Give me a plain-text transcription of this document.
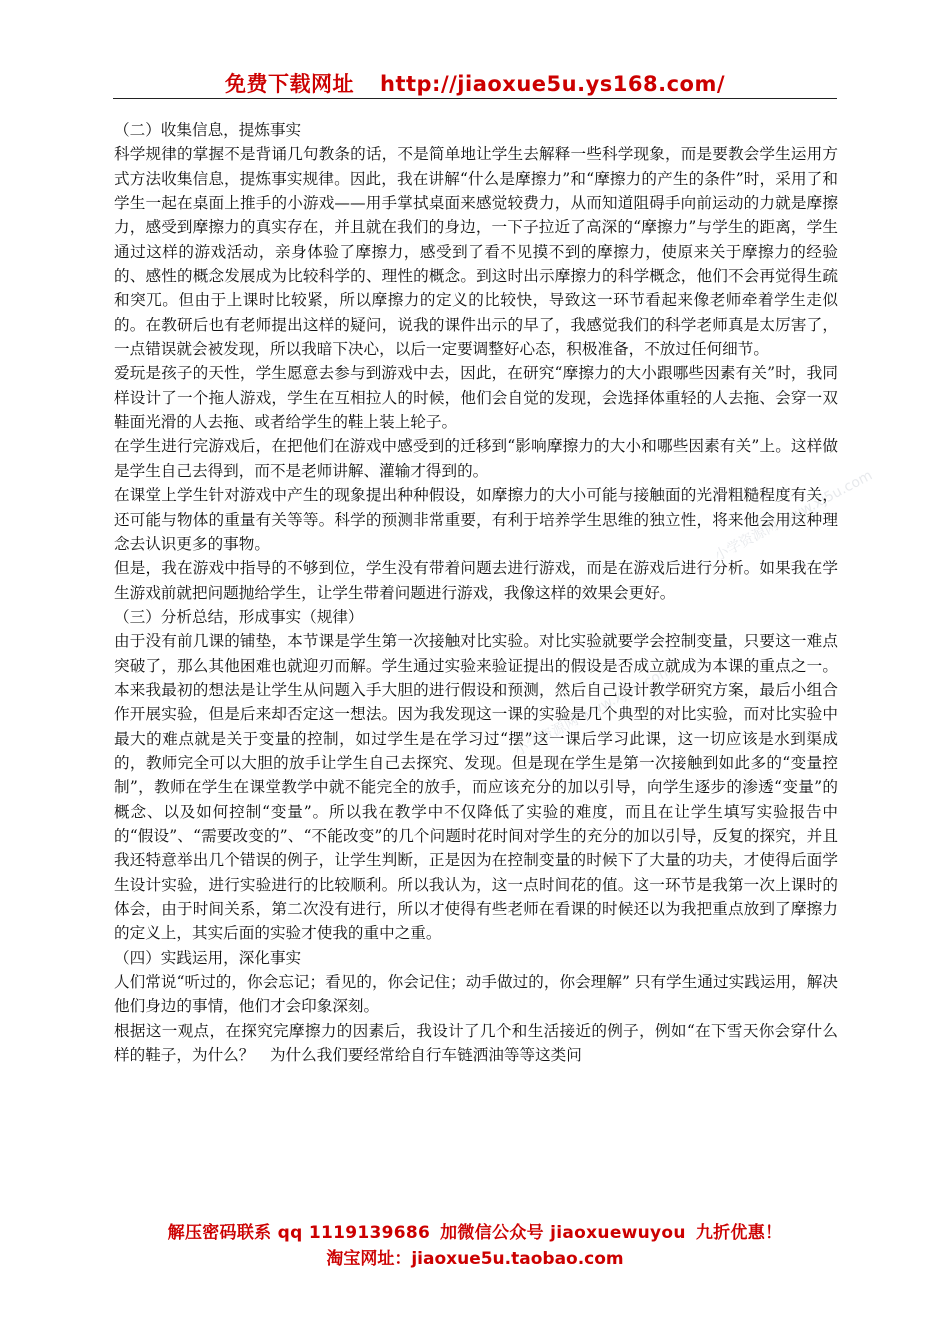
免费下载网址 http://jiaoxue5u.ys168.com/
小学资源网 www.xj5u.com
小学资源网 www.xj5u.com

（二）收集信息，提炼事实

科学规律的掌握不是背诵几句教条的话，不是简单地让学生去解释一些科学现象，而是要教会学生运用方式方法收集信息，提炼事实规律。因此，我在讲解“什么是摩擦力”和“摩擦力的产生的条件”时，采用了和学生一起在桌面上推手的小游戏——用手掌拭桌面来感觉较费力，从而知道阻碍手向前运动的力就是摩擦力，感受到摩擦力的真实存在，并且就在我们的身边，一下子拉近了高深的“摩擦力”与学生的距离，学生通过这样的游戏活动，亲身体验了摩擦力，感受到了看不见摸不到的摩擦力，使原来关于摩擦力的经验的、感性的概念发展成为比较科学的、理性的概念。到这时出示摩擦力的科学概念，他们不会再觉得生疏和突兀。但由于上课时比较紧，所以摩擦力的定义的比较快，导致这一环节看起来像老师牵着学生走似的。在教研后也有老师提出这样的疑问，说我的课件出示的早了，我感觉我们的科学老师真是太厉害了，一点错误就会被发现，所以我暗下决心，以后一定要调整好心态，积极准备，不放过任何细节。

爱玩是孩子的天性，学生愿意去参与到游戏中去，因此，在研究“摩擦力的大小跟哪些因素有关”时，我同样设计了一个拖人游戏，学生在互相拉人的时候，他们会自觉的发现，会选择体重轻的人去拖、会穿一双鞋面光滑的人去拖、或者给学生的鞋上装上轮子。

在学生进行完游戏后，在把他们在游戏中感受到的迁移到“影响摩擦力的大小和哪些因素有关”上。这样做是学生自己去得到，而不是老师讲解、灌输才得到的。

在课堂上学生针对游戏中产生的现象提出种种假设，如摩擦力的大小可能与接触面的光滑粗糙程度有关，还可能与物体的重量有关等等。科学的预测非常重要，有利于培养学生思维的独立性，将来他会用这种理念去认识更多的事物。

但是，我在游戏中指导的不够到位，学生没有带着问题去进行游戏，而是在游戏后进行分析。如果我在学生游戏前就把问题抛给学生，让学生带着问题进行游戏，我像这样的效果会更好。

（三）分析总结，形成事实（规律）

由于没有前几课的铺垫，本节课是学生第一次接触对比实验。对比实验就要学会控制变量，只要这一难点突破了，那么其他困难也就迎刃而解。学生通过实验来验证提出的假设是否成立就成为本课的重点之一。本来我最初的想法是让学生从问题入手大胆的进行假设和预测，然后自己设计教学研究方案，最后小组合作开展实验，但是后来却否定这一想法。因为我发现这一课的实验是几个典型的对比实验，而对比实验中最大的难点就是关于变量的控制，如过学生是在学习过“摆”这一课后学习此课，这一切应该是水到渠成的，教师完全可以大胆的放手让学生自己去探究、发现。但是现在学生是第一次接触到如此多的“变量控制”，教师在学生在课堂教学中就不能完全的放手，而应该充分的加以引导，向学生逐步的渗透“变量”的概念、以及如何控制“变量”。所以我在教学中不仅降低了实验的难度，而且在让学生填写实验报告中的“假设”、“需要改变的”、“不能改变”的几个问题时花时间对学生的充分的加以引导，反复的探究，并且我还特意举出几个错误的例子，让学生判断，正是因为在控制变量的时候下了大量的功夫，才使得后面学生设计实验，进行实验进行的比较顺利。所以我认为，这一点时间花的值。这一环节是我第一次上课时的体会，由于时间关系，第二次没有进行，所以才使得有些老师在看课的时候还以为我把重点放到了摩擦力的定义上，其实后面的实验才使我的重中之重。

（四）实践运用，深化事实

人们常说“听过的，你会忘记；看见的，你会记住；动手做过的，你会理解” 只有学生通过实践运用，解决他们身边的事情，他们才会印象深刻。

根据这一观点，在探究完摩擦力的因素后，我设计了几个和生活接近的例子，例如“在下雪天你会穿什么样的鞋子，为什么？　为什么我们要经常给自行车链洒油等等这类问

解压密码联系 qq 1119139686 加微信公众号 jiaoxuewuyou 九折优惠！
淘宝网址：jiaoxue5u.taobao.com
